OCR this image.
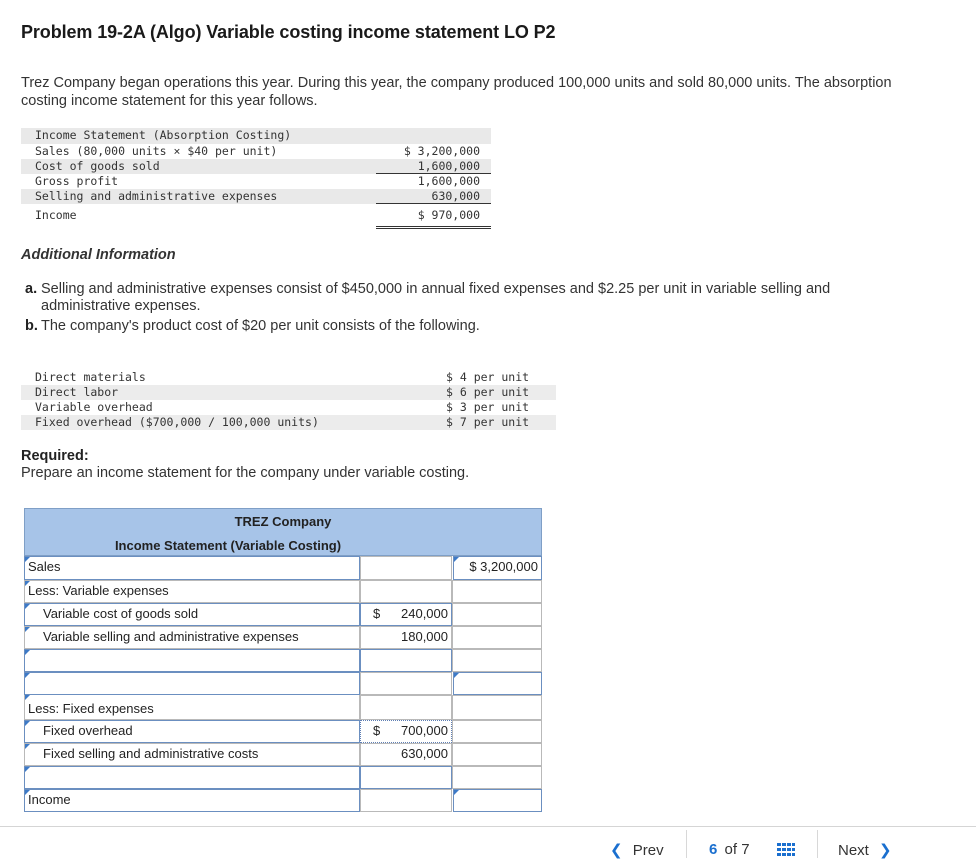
Problem 19-2A (Algo) Variable costing income statement LO P2
Trez Company began operations this year. During this year, the company produced 100,000 units and sold 80,000 units. The absorption costing income statement for this year follows.
Income Statement (Absorption Costing)
Sales (80,000 units × $40 per unit)	$ 3,200,000
Cost of goods sold	1,600,000
Gross profit	1,600,000
Selling and administrative expenses	630,000
Income	$ 970,000
Additional Information
a. Selling and administrative expenses consist of $450,000 in annual fixed expenses and $2.25 per unit in variable selling and administrative expenses.
b. The company's product cost of $20 per unit consists of the following.
Direct materials	$ 4 per unit
Direct labor	$ 6 per unit
Variable overhead	$ 3 per unit
Fixed overhead ($700,000 / 100,000 units)	$ 7 per unit
Required:
Prepare an income statement for the company under variable costing.
TREZ Company
Income Statement (Variable Costing)
Sales	$ 3,200,000
Less: Variable expenses
Variable cost of goods sold	$ 240,000
Variable selling and administrative expenses	180,000
Less: Fixed expenses
Fixed overhead	$ 700,000
Fixed selling and administrative costs	630,000
Income
❮ Prev	6 of 7	Next ❯
